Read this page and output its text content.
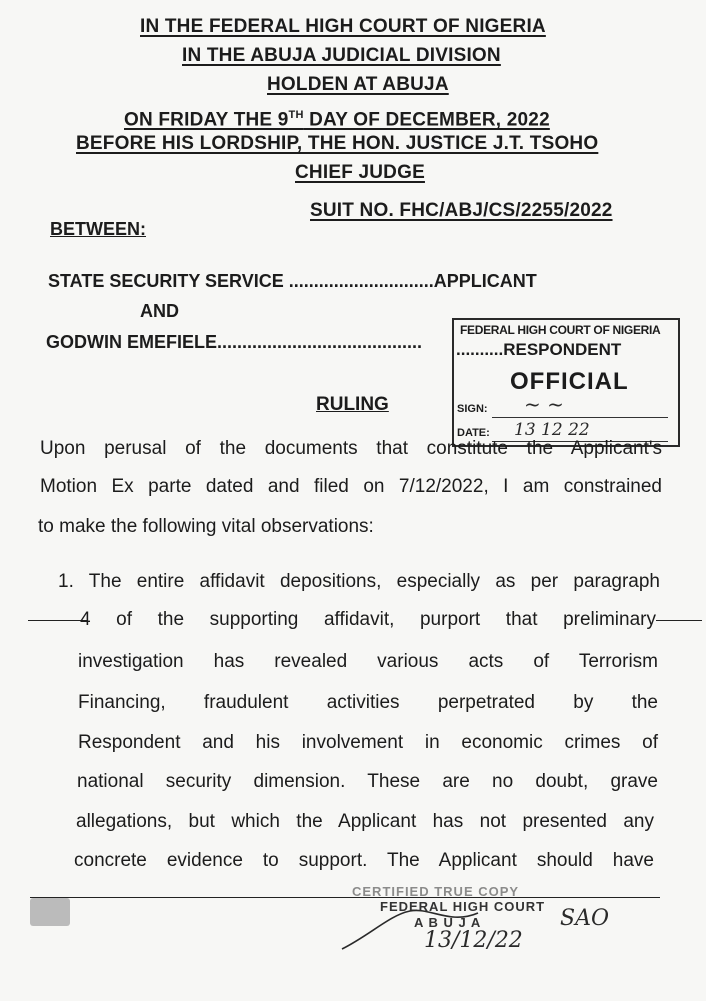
IN THE FEDERAL HIGH COURT OF NIGERIA
IN THE ABUJA JUDICIAL DIVISION
HOLDEN AT ABUJA
ON FRIDAY THE 9TH DAY OF DECEMBER, 2022
BEFORE HIS LORDSHIP, THE HON. JUSTICE J.T. TSOHO
CHIEF JUDGE
SUIT NO. FHC/ABJ/CS/2255/2022
BETWEEN:
STATE SECURITY SERVICE .............................APPLICANT
AND
GODWIN EMEFIELE.........................................
FEDERAL HIGH COURT OF NIGERIA
..........RESPONDENT
OFFICIAL
SIGN: ~ ~
DATE: 13 12 22
RULING
Upon perusal of the documents that constitute the Applicant's
Motion Ex parte dated and filed on 7/12/2022, I am constrained
to make the following vital observations:
1. The entire affidavit depositions, especially as per paragraph
4 of the supporting affidavit, purport that preliminary
investigation has revealed various acts of Terrorism
Financing, fraudulent activities perpetrated by the
Respondent and his involvement in economic crimes of
national security dimension. These are no doubt, grave
allegations, but which the Applicant has not presented any
concrete evidence to support. The Applicant should have
CERTIFIED TRUE COPY
FEDERAL HIGH COURT
A B U J A	SAO
13/12/22
